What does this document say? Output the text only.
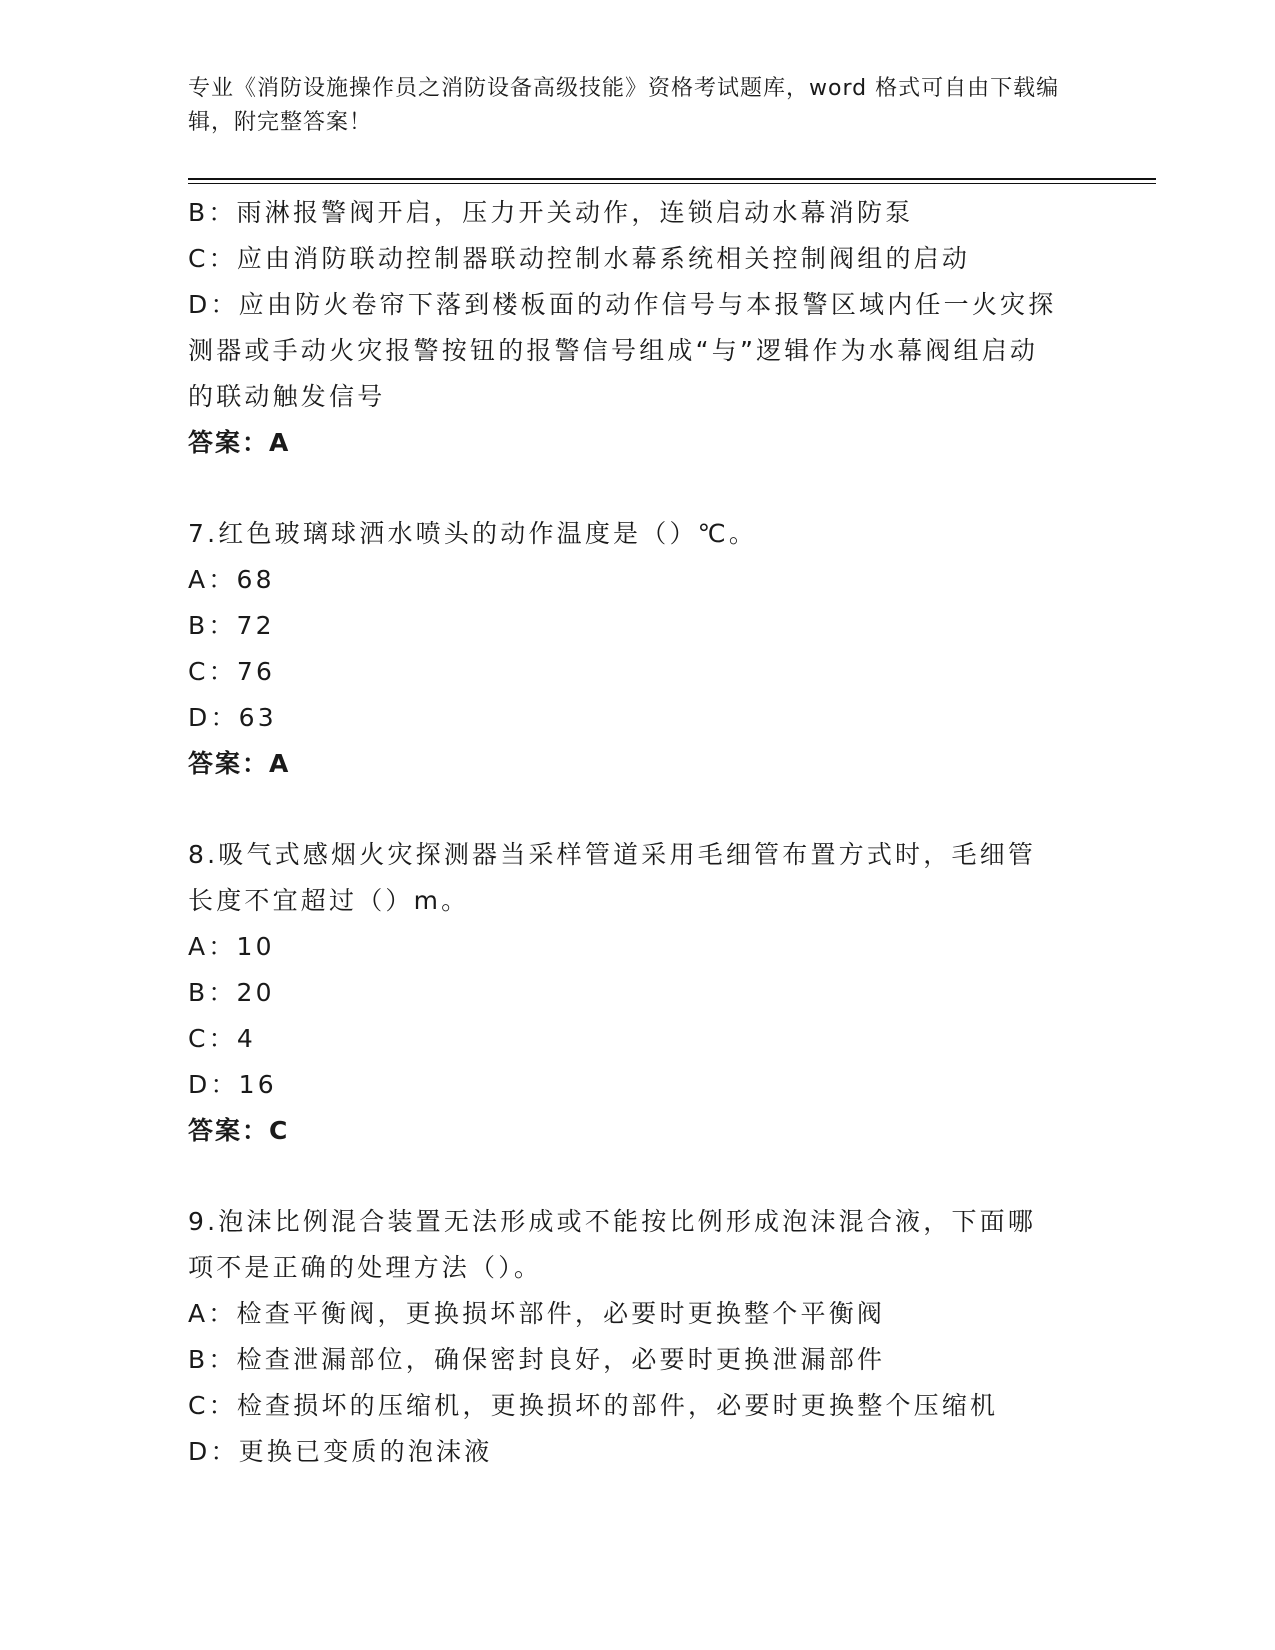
专业《消防设施操作员之消防设备高级技能》资格考试题库，word 格式可自由下载编辑，附完整答案！
B：雨淋报警阀开启，压力开关动作，连锁启动水幕消防泵
C：应由消防联动控制器联动控制水幕系统相关控制阀组的启动
D：应由防火卷帘下落到楼板面的动作信号与本报警区域内任一火灾探测器或手动火灾报警按钮的报警信号组成“与”逻辑作为水幕阀组启动的联动触发信号
答案：A
7.红色玻璃球洒水喷头的动作温度是（）℃。
A：68
B：72
C：76
D：63
答案：A
8.吸气式感烟火灾探测器当采样管道采用毛细管布置方式时，毛细管长度不宜超过（）m。
A：10
B：20
C：4
D：16
答案：C
9.泡沫比例混合装置无法形成或不能按比例形成泡沫混合液，下面哪项不是正确的处理方法（）。
A：检查平衡阀，更换损坏部件，必要时更换整个平衡阀
B：检查泄漏部位，确保密封良好，必要时更换泄漏部件
C：检查损坏的压缩机，更换损坏的部件，必要时更换整个压缩机
D：更换已变质的泡沫液
